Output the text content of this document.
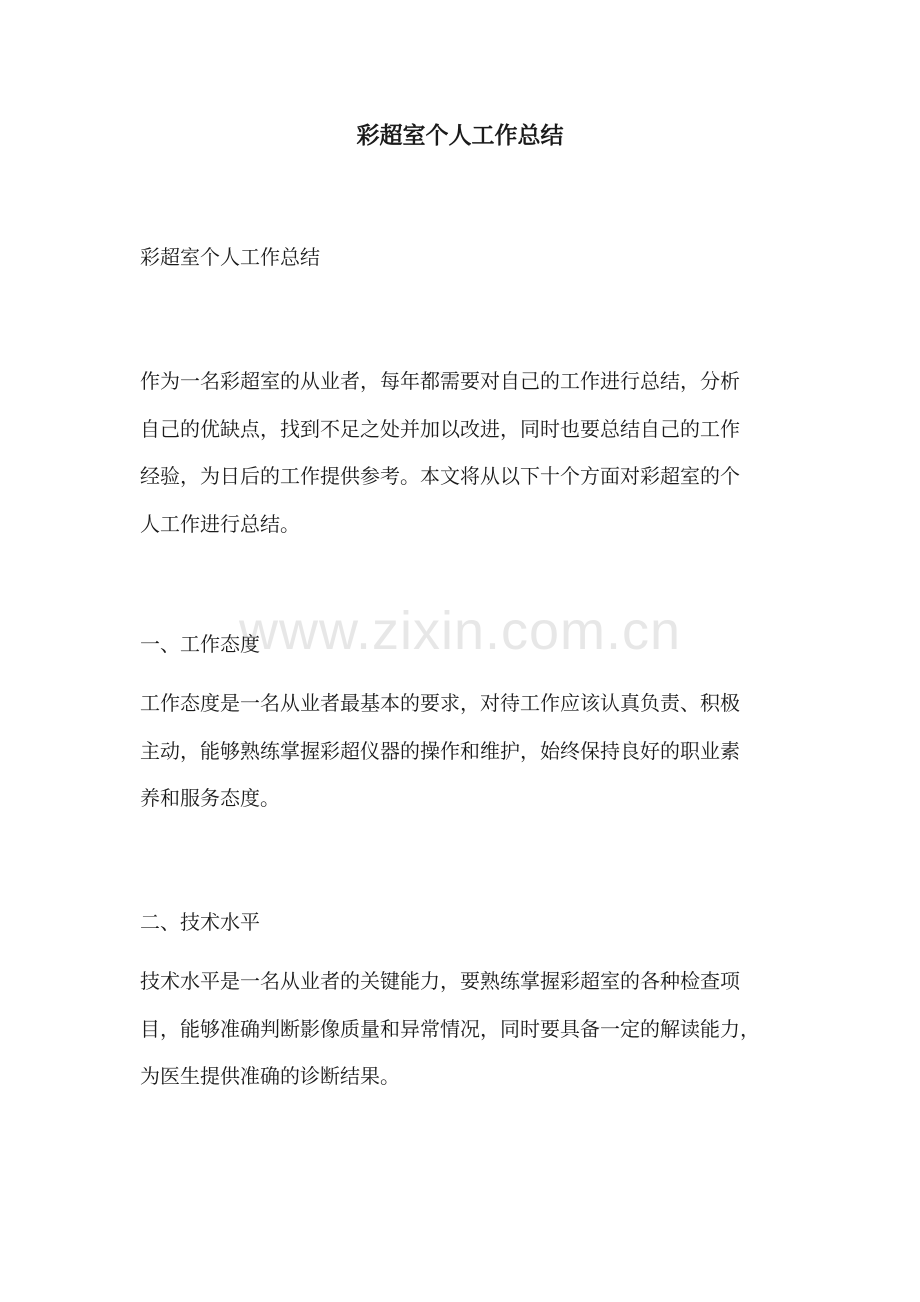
www.zixin.com.cn
彩超室个人工作总结

彩超室个人工作总结

作为一名彩超室的从业者，每年都需要对自己的工作进行总结，分析
自己的优缺点，找到不足之处并加以改进，同时也要总结自己的工作
经验，为日后的工作提供参考。本文将从以下十个方面对彩超室的个
人工作进行总结。

一、工作态度

工作态度是一名从业者最基本的要求，对待工作应该认真负责、积极
主动，能够熟练掌握彩超仪器的操作和维护，始终保持良好的职业素
养和服务态度。

二、技术水平

技术水平是一名从业者的关键能力，要熟练掌握彩超室的各种检查项
目，能够准确判断影像质量和异常情况，同时要具备一定的解读能力，
为医生提供准确的诊断结果。
